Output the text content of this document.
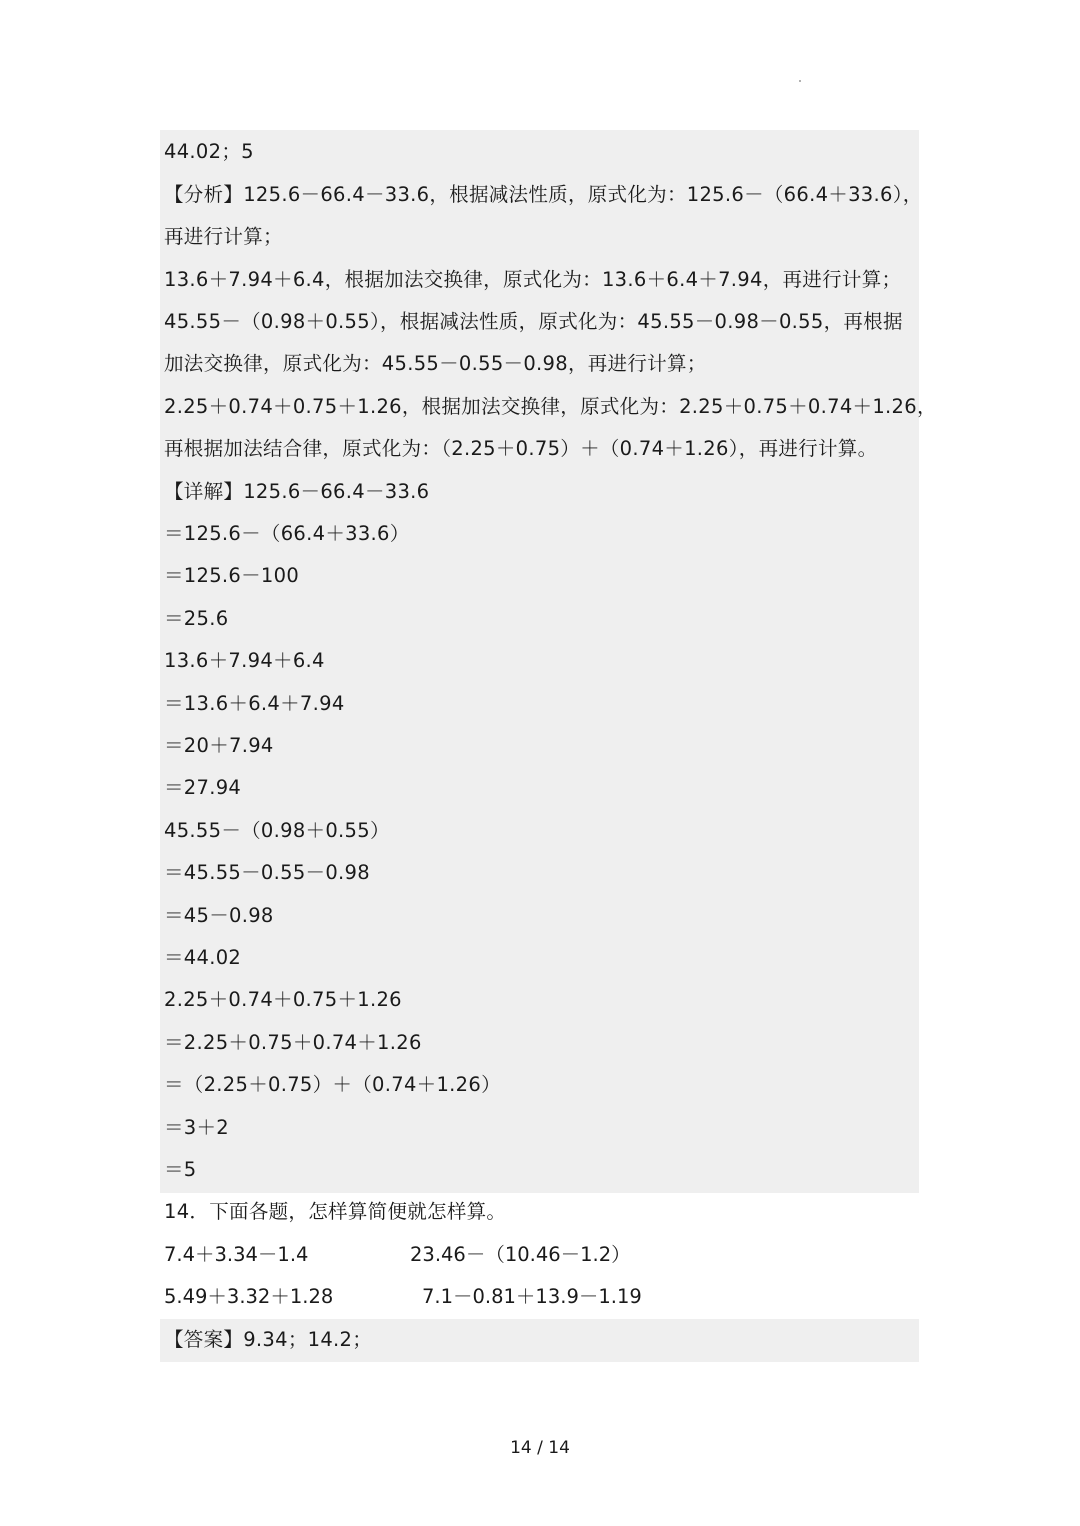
44.02；5
【分析】125.6－66.4－33.6，根据减法性质，原式化为：125.6－（66.4＋33.6），
再进行计算；
13.6＋7.94＋6.4，根据加法交换律，原式化为：13.6＋6.4＋7.94，再进行计算；
45.55－（0.98＋0.55），根据减法性质，原式化为：45.55－0.98－0.55，再根据
加法交换律，原式化为：45.55－0.55－0.98，再进行计算；
2.25＋0.74＋0.75＋1.26，根据加法交换律，原式化为：2.25＋0.75＋0.74＋1.26，
再根据加法结合律，原式化为：（2.25＋0.75）＋（0.74＋1.26），再进行计算。
【详解】125.6－66.4－33.6
＝125.6－（66.4＋33.6）
＝125.6－100
＝25.6
13.6＋7.94＋6.4
＝13.6＋6.4＋7.94
＝20＋7.94
＝27.94
45.55－（0.98＋0.55）
＝45.55－0.55－0.98
＝45－0.98
＝44.02
2.25＋0.74＋0.75＋1.26
＝2.25＋0.75＋0.74＋1.26
＝（2.25＋0.75）＋（0.74＋1.26）
＝3＋2
＝5
14．下面各题，怎样算简便就怎样算。
7.4＋3.34－1.4	23.46－（10.46－1.2）
5.49＋3.32＋1.28	7.1－0.81＋13.9－1.19
【答案】9.34；14.2；
14 / 14
